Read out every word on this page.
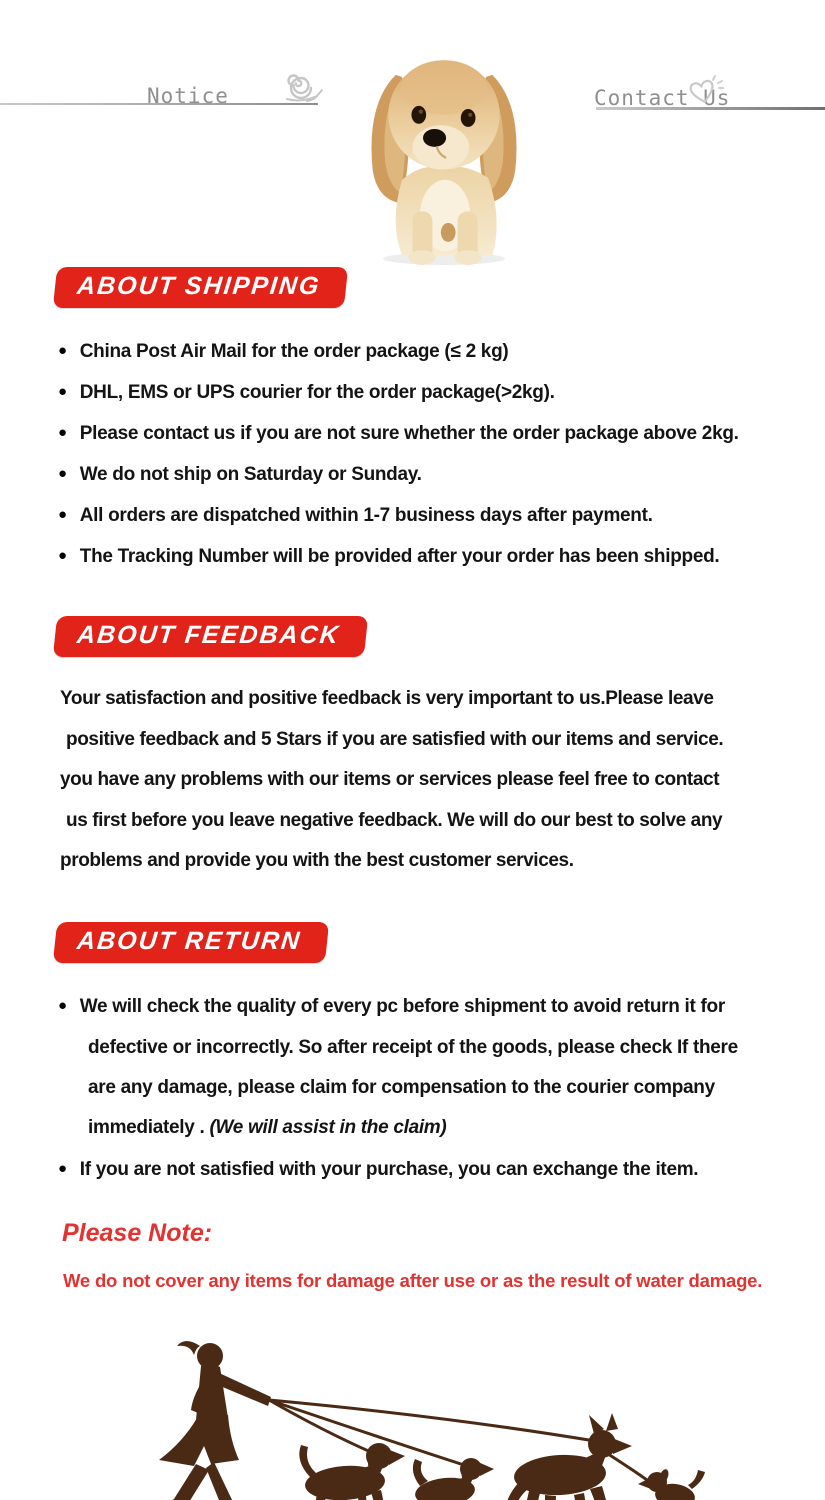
Notice	Contact Us
ABOUT SHIPPING
● China Post Air Mail for the order package (≤ 2 kg)
● DHL, EMS or UPS courier for the order package(>2kg).
● Please contact us if you are not sure whether the order package above 2kg.
● We do not ship on Saturday or Sunday.
● All orders are dispatched within 1-7 business days after payment.
● The Tracking Number will be provided after your order has been shipped.
ABOUT FEEDBACK
Your satisfaction and positive feedback is very important to us.Please leave
positive feedback and 5 Stars if you are satisfied with our items and service.
you have any problems with our items or services please feel free to contact
us first before you leave negative feedback. We will do our best to solve any
problems and provide you with the best customer services.
ABOUT RETURN
● We will check the quality of every pc before shipment to avoid return it for
defective or incorrectly. So after receipt of the goods, please check If there
are any damage, please claim for compensation to the courier company
immediately . (We will assist in the claim)
● If you are not satisfied with your purchase, you can exchange the item.
Please Note:
We do not cover any items for damage after use or as the result of water damage.
